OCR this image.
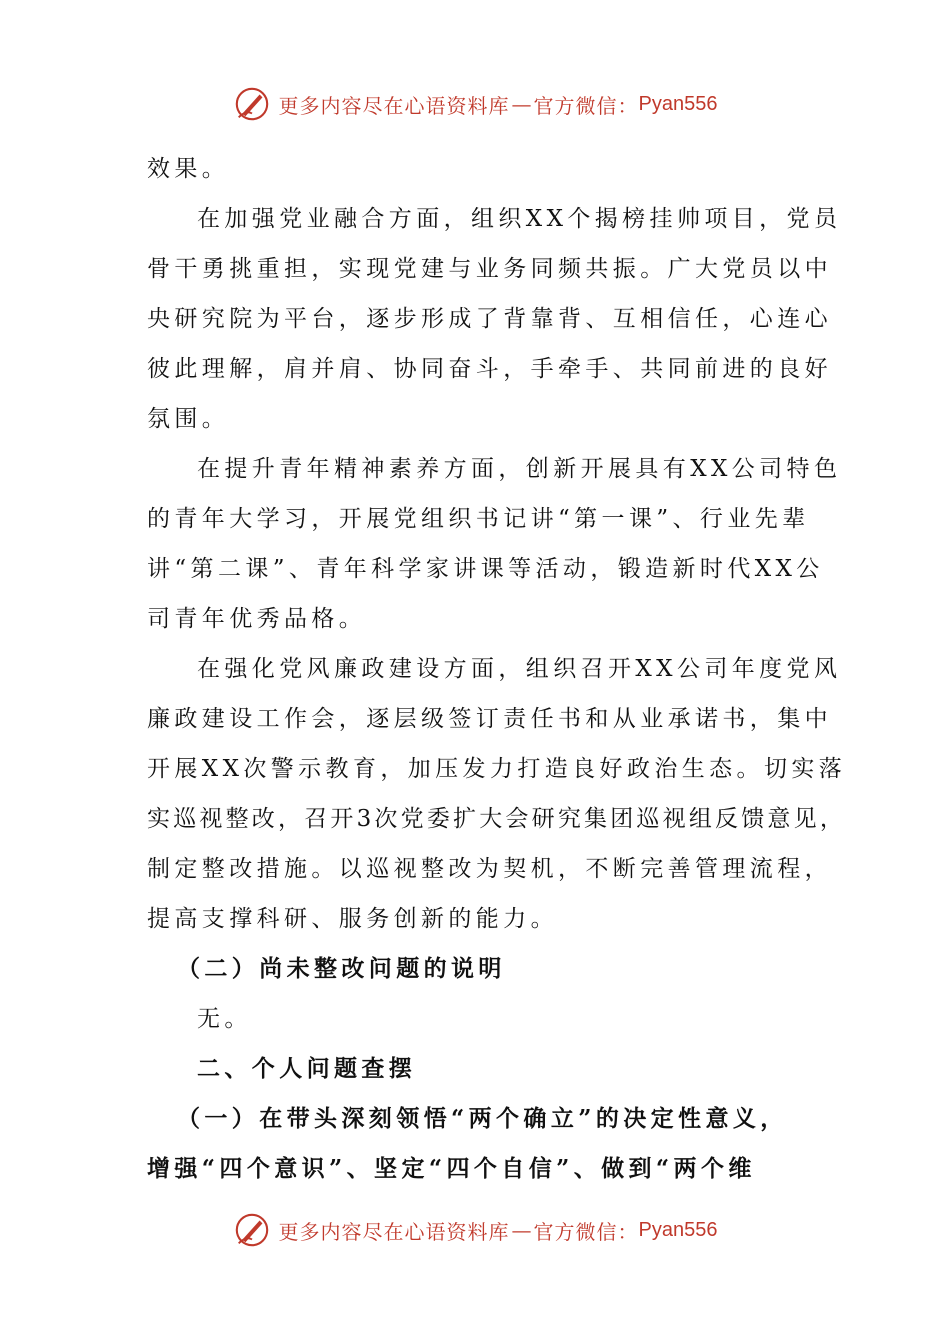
更多内容尽在心语资料库 — 官方微信： Pyan556
效果。
在加强党业融合方面，组织XX个揭榜挂帅项目，党员
骨干勇挑重担，实现党建与业务同频共振。广大党员以中
央研究院为平台，逐步形成了背靠背、互相信任，心连心
彼此理解，肩并肩、协同奋斗，手牵手、共同前进的良好
氛围。
在提升青年精神素养方面，创新开展具有XX公司特色
的青年大学习，开展党组织书记讲“第一课”、行业先辈
讲“第二课”、青年科学家讲课等活动，锻造新时代XX公
司青年优秀品格。
在强化党风廉政建设方面，组织召开XX公司年度党风
廉政建设工作会，逐层级签订责任书和从业承诺书，集中
开展XX次警示教育，加压发力打造良好政治生态。切实落
实巡视整改，召开3次党委扩大会研究集团巡视组反馈意见，
制定整改措施。以巡视整改为契机，不断完善管理流程，
提高支撑科研、服务创新的能力。
（二）尚未整改问题的说明
无。
二、个人问题查摆
（一）在带头深刻领悟“两个确立”的决定性意义，
增强“四个意识”、坚定“四个自信”、做到“两个维
更多内容尽在心语资料库 — 官方微信： Pyan556
